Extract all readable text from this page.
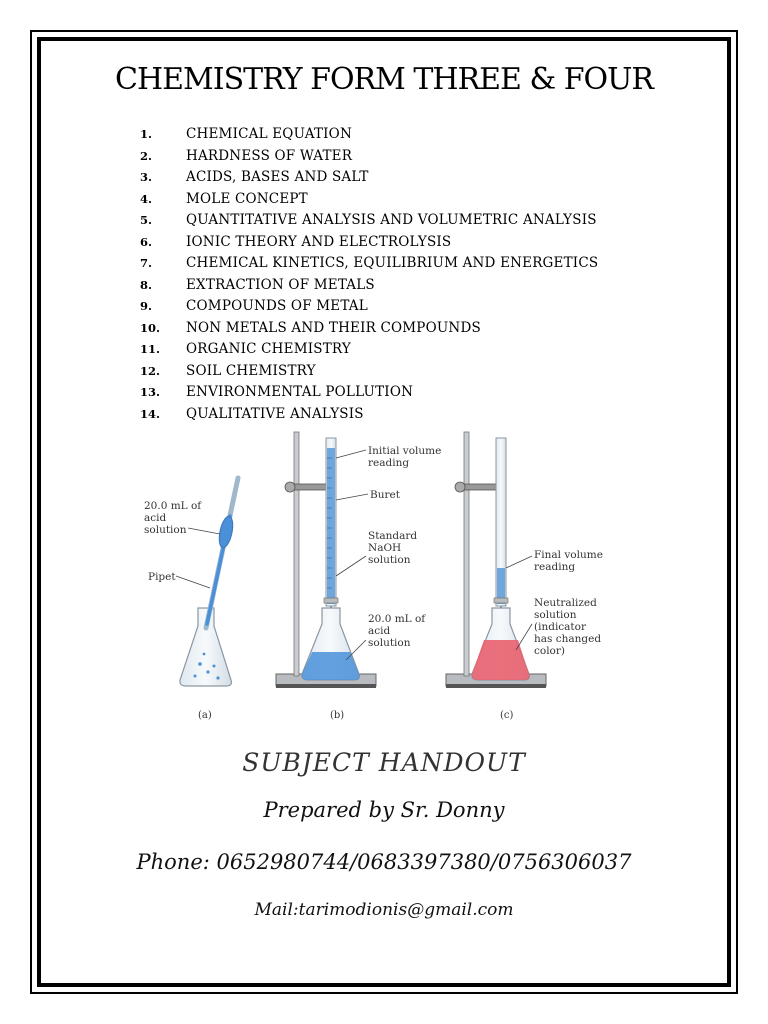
CHEMISTRY FORM THREE & FOUR
1.	CHEMICAL EQUATION
2.	HARDNESS OF WATER
3.	ACIDS, BASES AND SALT
4.	MOLE CONCEPT
5.	QUANTITATIVE ANALYSIS AND VOLUMETRIC ANALYSIS
6.	IONIC THEORY AND ELECTROLYSIS
7.	CHEMICAL KINETICS, EQUILIBRIUM AND ENERGETICS
8.	EXTRACTION OF METALS
9.	COMPOUNDS OF METAL
10.	NON METALS AND THEIR COMPOUNDS
11.	ORGANIC CHEMISTRY
12.	SOIL CHEMISTRY
13.	ENVIRONMENTAL POLLUTION
14.	QUALITATIVE ANALYSIS
20.0 mL of
acid
solution
Pipet
(a)
Initial volume
reading
Buret
Standard
NaOH
solution
20.0 mL of
acid
solution
(b)
Final volume
reading
Neutralized
solution
(indicator
has changed
color)
(c)
SUBJECT HANDOUT
Prepared by Sr. Donny
Phone: 0652980744/0683397380/0756306037
Mail:tarimodionis@gmail.com
